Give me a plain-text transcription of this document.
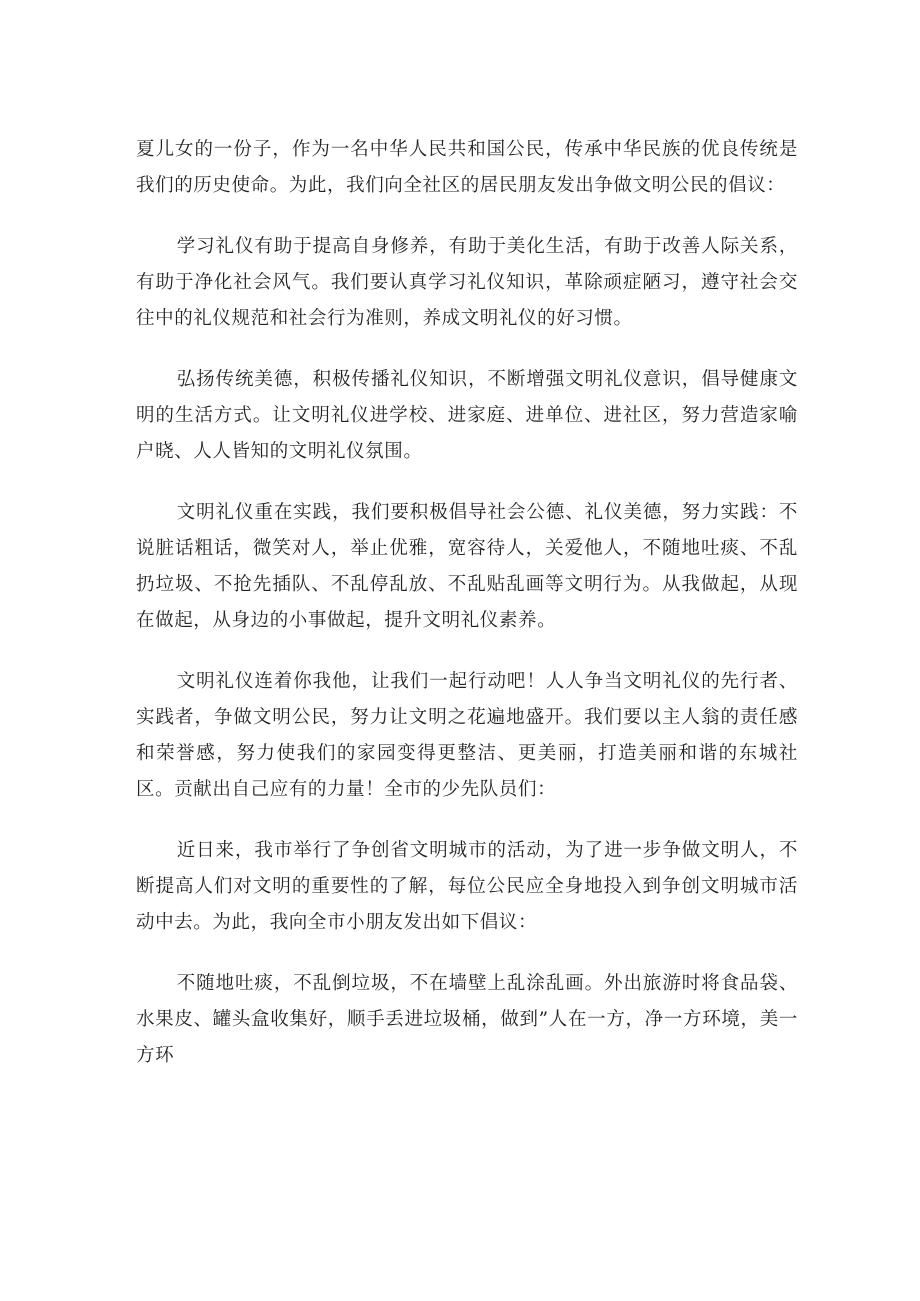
夏儿女的一份子，作为一名中华人民共和国公民，传承中华民族的优良传统是我们的历史使命。为此，我们向全社区的居民朋友发出争做文明公民的倡议：

学习礼仪有助于提高自身修养，有助于美化生活，有助于改善人际关系，有助于净化社会风气。我们要认真学习礼仪知识，革除顽症陋习，遵守社会交往中的礼仪规范和社会行为准则，养成文明礼仪的好习惯。

弘扬传统美德，积极传播礼仪知识，不断增强文明礼仪意识，倡导健康文明的生活方式。让文明礼仪进学校、进家庭、进单位、进社区，努力营造家喻户晓、人人皆知的文明礼仪氛围。

文明礼仪重在实践，我们要积极倡导社会公德、礼仪美德，努力实践：不说脏话粗话，微笑对人，举止优雅，宽容待人，关爱他人，不随地吐痰、不乱扔垃圾、不抢先插队、不乱停乱放、不乱贴乱画等文明行为。从我做起，从现在做起，从身边的小事做起，提升文明礼仪素养。

文明礼仪连着你我他，让我们一起行动吧！人人争当文明礼仪的先行者、实践者，争做文明公民，努力让文明之花遍地盛开。我们要以主人翁的责任感和荣誉感，努力使我们的家园变得更整洁、更美丽，打造美丽和谐的东城社区。贡献出自己应有的力量！全市的少先队员们：

近日来，我市举行了争创省文明城市的活动，为了进一步争做文明人，不断提高人们对文明的重要性的了解，每位公民应全身地投入到争创文明城市活动中去。为此，我向全市小朋友发出如下倡议：

不随地吐痰，不乱倒垃圾，不在墙壁上乱涂乱画。外出旅游时将食品袋、水果皮、罐头盒收集好，顺手丢进垃圾桶，做到”人在一方，净一方环境，美一方环
